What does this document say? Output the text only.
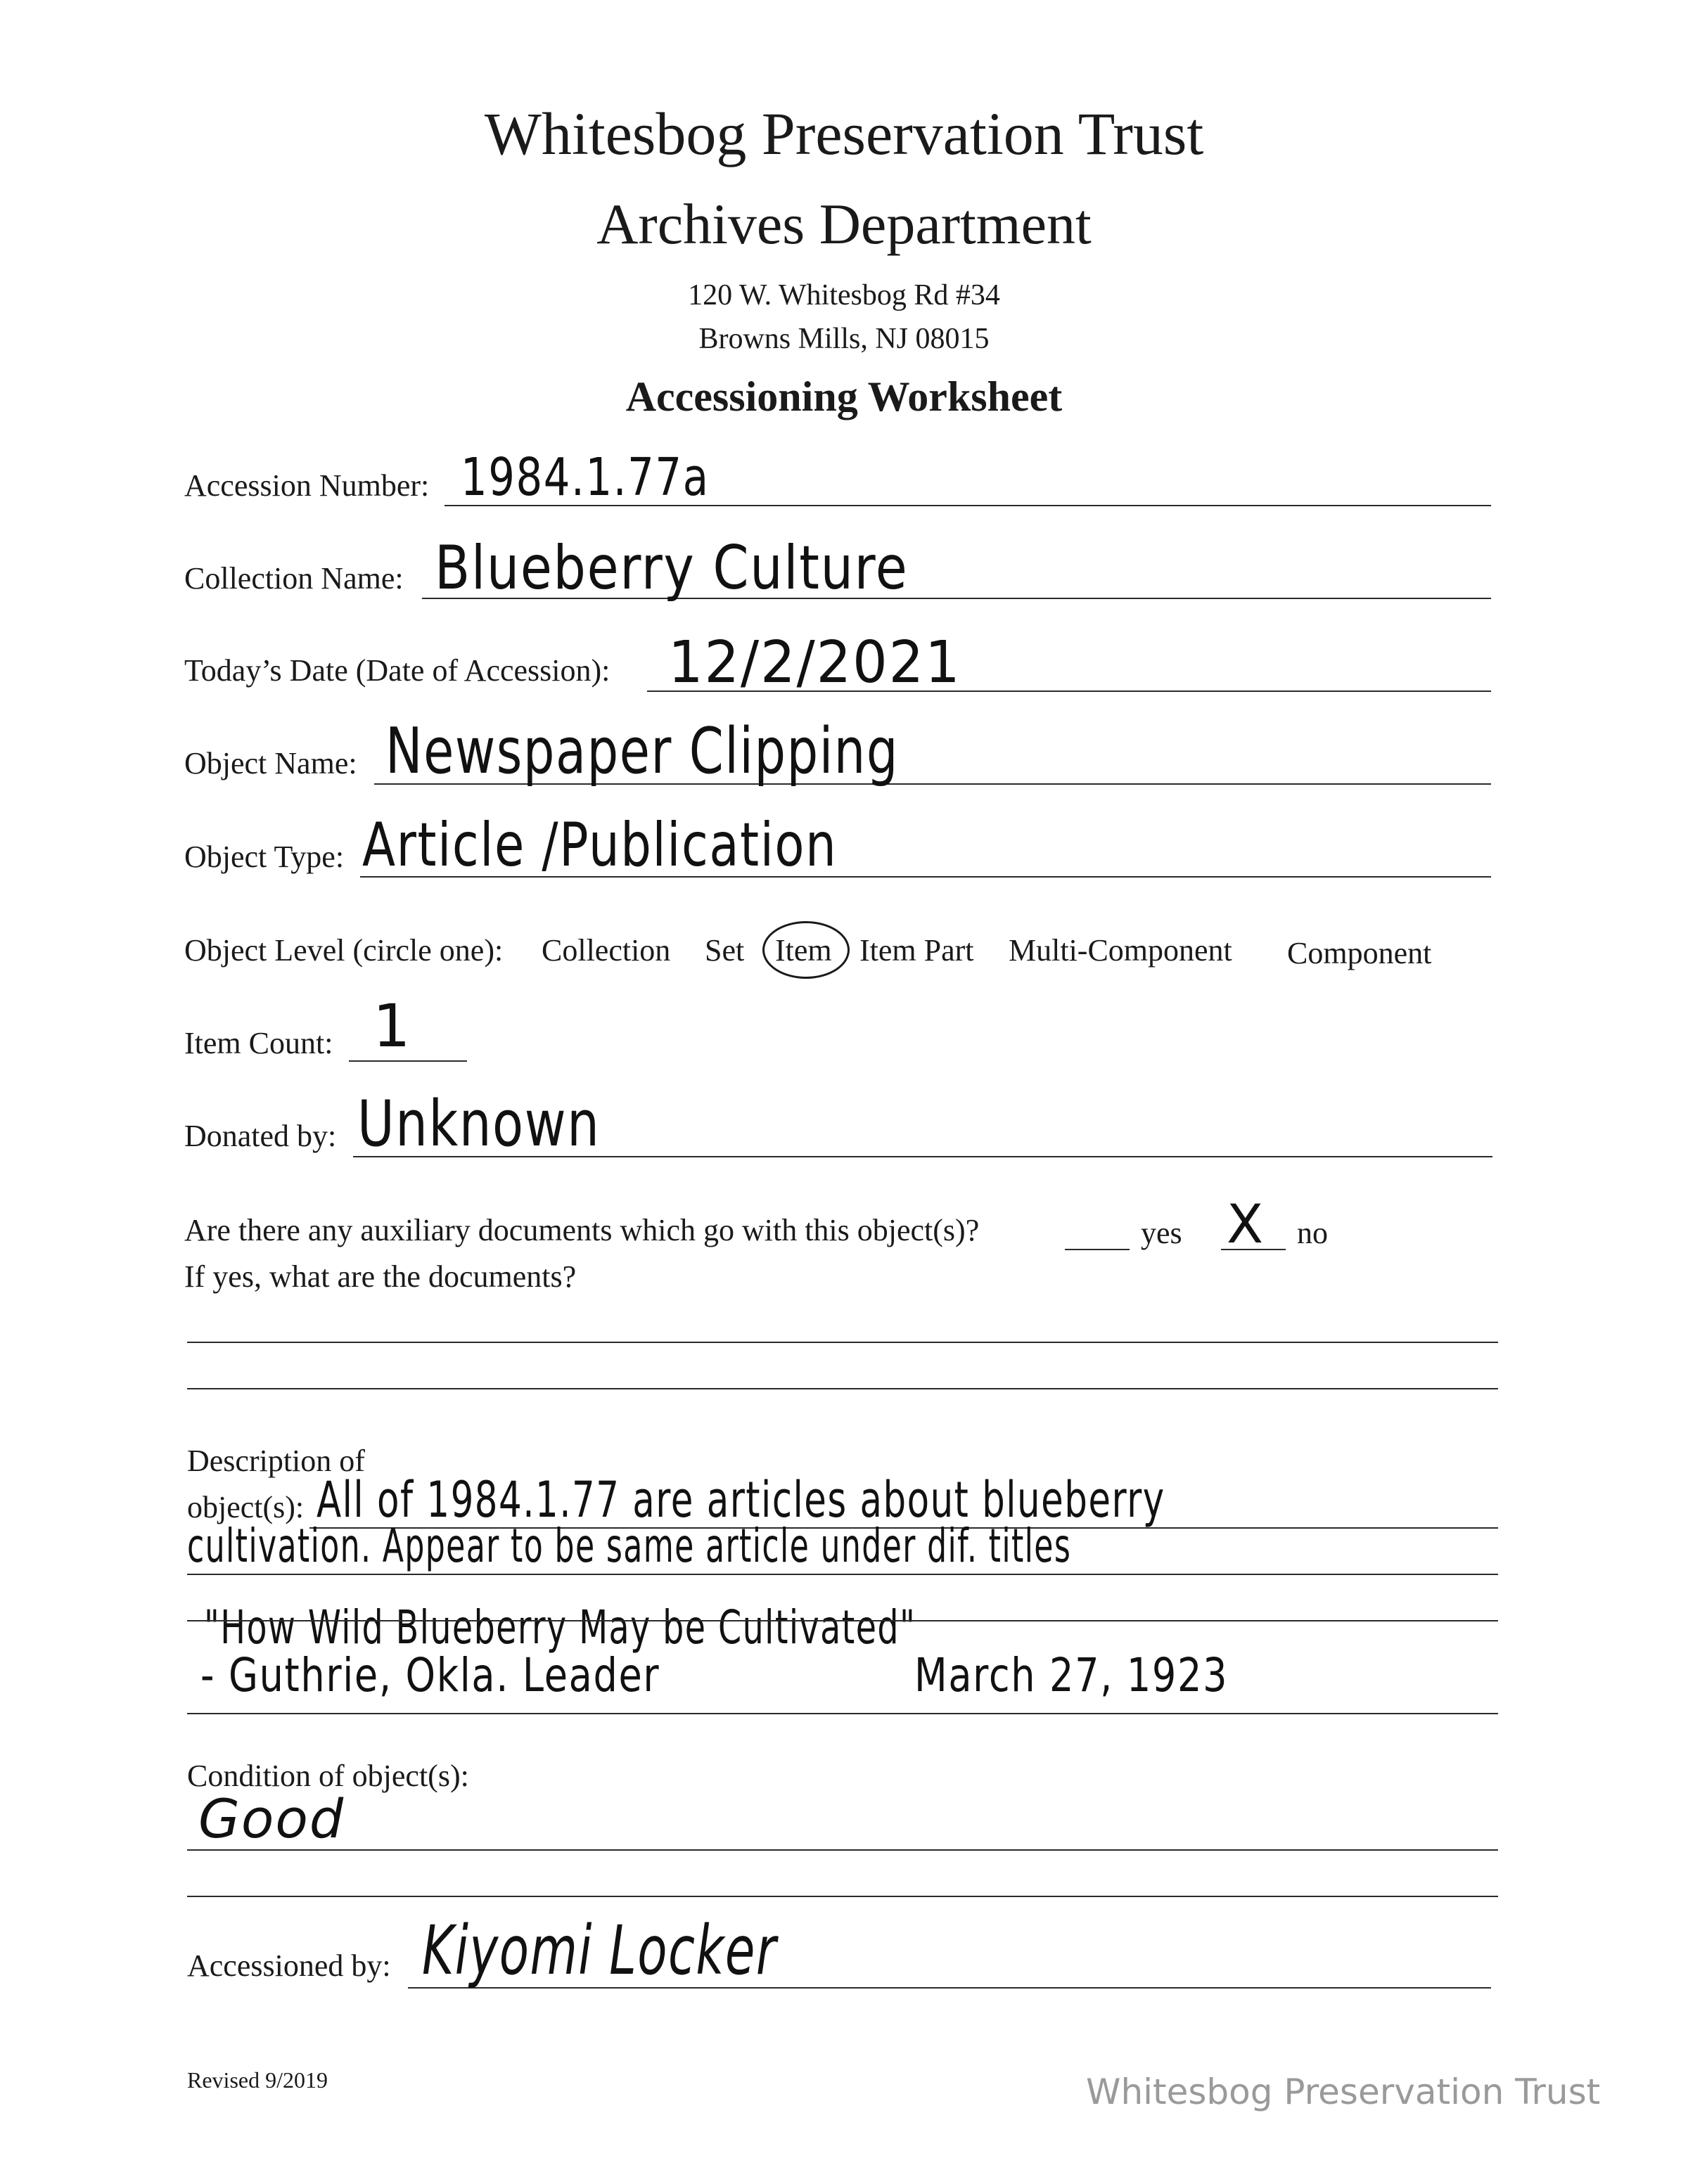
Whitesbog Preservation Trust
Archives Department
120 W. Whitesbog Rd #34
Browns Mills, NJ 08015
Accessioning Worksheet
Accession Number: 1984.1.77a
Collection Name: Blueberry Culture
Today’s Date (Date of Accession): 12/2/2021
Object Name: Newspaper Clipping
Object Type: Article /Publication
Object Level (circle one): Collection Set Item Item Part Multi-Component Component
Item Count: 1
Donated by: Unknown
Are there any auxiliary documents which go with this object(s)?	yes X no
If yes, what are the documents?
Description of
object(s): All of 1984.1.77 are articles about blueberry
cultivation. Appear to be same article under dif. titles
"How Wild Blueberry May be Cultivated"
- Guthrie, Okla. Leader	March 27, 1923
Condition of object(s):
Good
Accessioned by: Kiyomi Locker
Revised 9/2019	Whitesbog Preservation Trust
